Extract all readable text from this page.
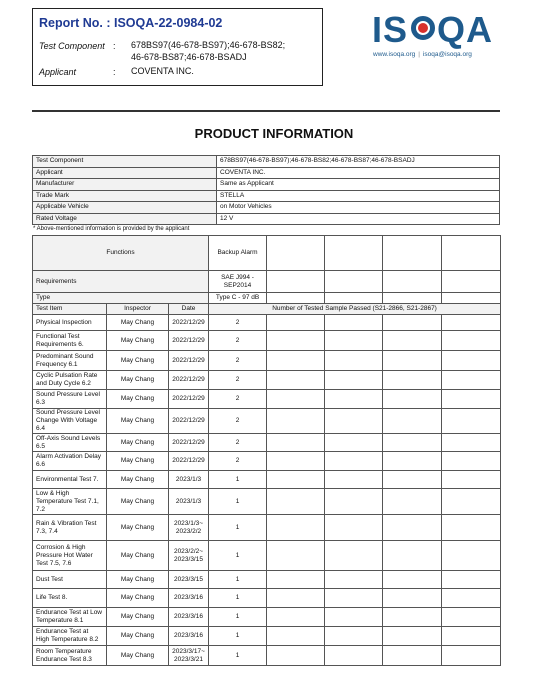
Report No. : ISOQA-22-0984-02
Test Component : 678BS97(46-678-BS97);46-678-BS82;
46-678-BS87;46-678-BSADJ
Applicant	: COVENTA INC.
IS QA
www.isoqa.org | isoqa@isoqa.org
PRODUCT INFORMATION
Test Component	678BS97(46-678-BS97);46-678-BS82;46-678-BS87;46-678-BSADJ
Applicant	COVENTA INC.
Manufacturer	Same as Applicant
Trade Mark	STELLA
Applicable Vehicle	on Motor Vehicles
Rated Voltage	12 V
* Above-mentioned information is provided by the applicant
Functions			Backup Alarm				
Requirements			SAE J994 -
SEP2014				
Type			Type C - 97 dB				
Test Item	Inspector	Date	Number of Tested Sample Passed (S21-2866, S21-2867)				
Physical Inspection	May Chang	2022/12/29	2				
Functional Test Requirements 6.	May Chang	2022/12/29	2				
Predominant Sound Frequency 6.1	May Chang	2022/12/29	2				
Cyclic Pulsation Rate and Duty Cycle 6.2	May Chang	2022/12/29	2				
Sound Pressure Level 6.3	May Chang	2022/12/29	2				
Sound Pressure Level Change With Voltage 6.4	May Chang	2022/12/29	2				
Off-Axis Sound Levels 6.5	May Chang	2022/12/29	2				
Alarm Activation Delay 6.6	May Chang	2022/12/29	2				
Environmental Test 7.	May Chang	2023/1/3	1				
Low & High Temperature Test 7.1, 7.2	May Chang	2023/1/3	1				
Rain & Vibration Test 7.3, 7.4	May Chang	2023/1/3~ 2023/2/2	1				
Corrosion & High Pressure Hot Water Test 7.5, 7.6	May Chang	2023/2/2~ 2023/3/15	1				
Dust Test	May Chang	2023/3/15	1				
Life Test 8.	May Chang	2023/3/16	1				
Endurance Test at Low Temperature 8.1	May Chang	2023/3/16	1				
Endurance Test at High Temperature 8.2	May Chang	2023/3/16	1				
Room Temperature Endurance Test 8.3	May Chang	2023/3/17~ 2023/3/21	1				
